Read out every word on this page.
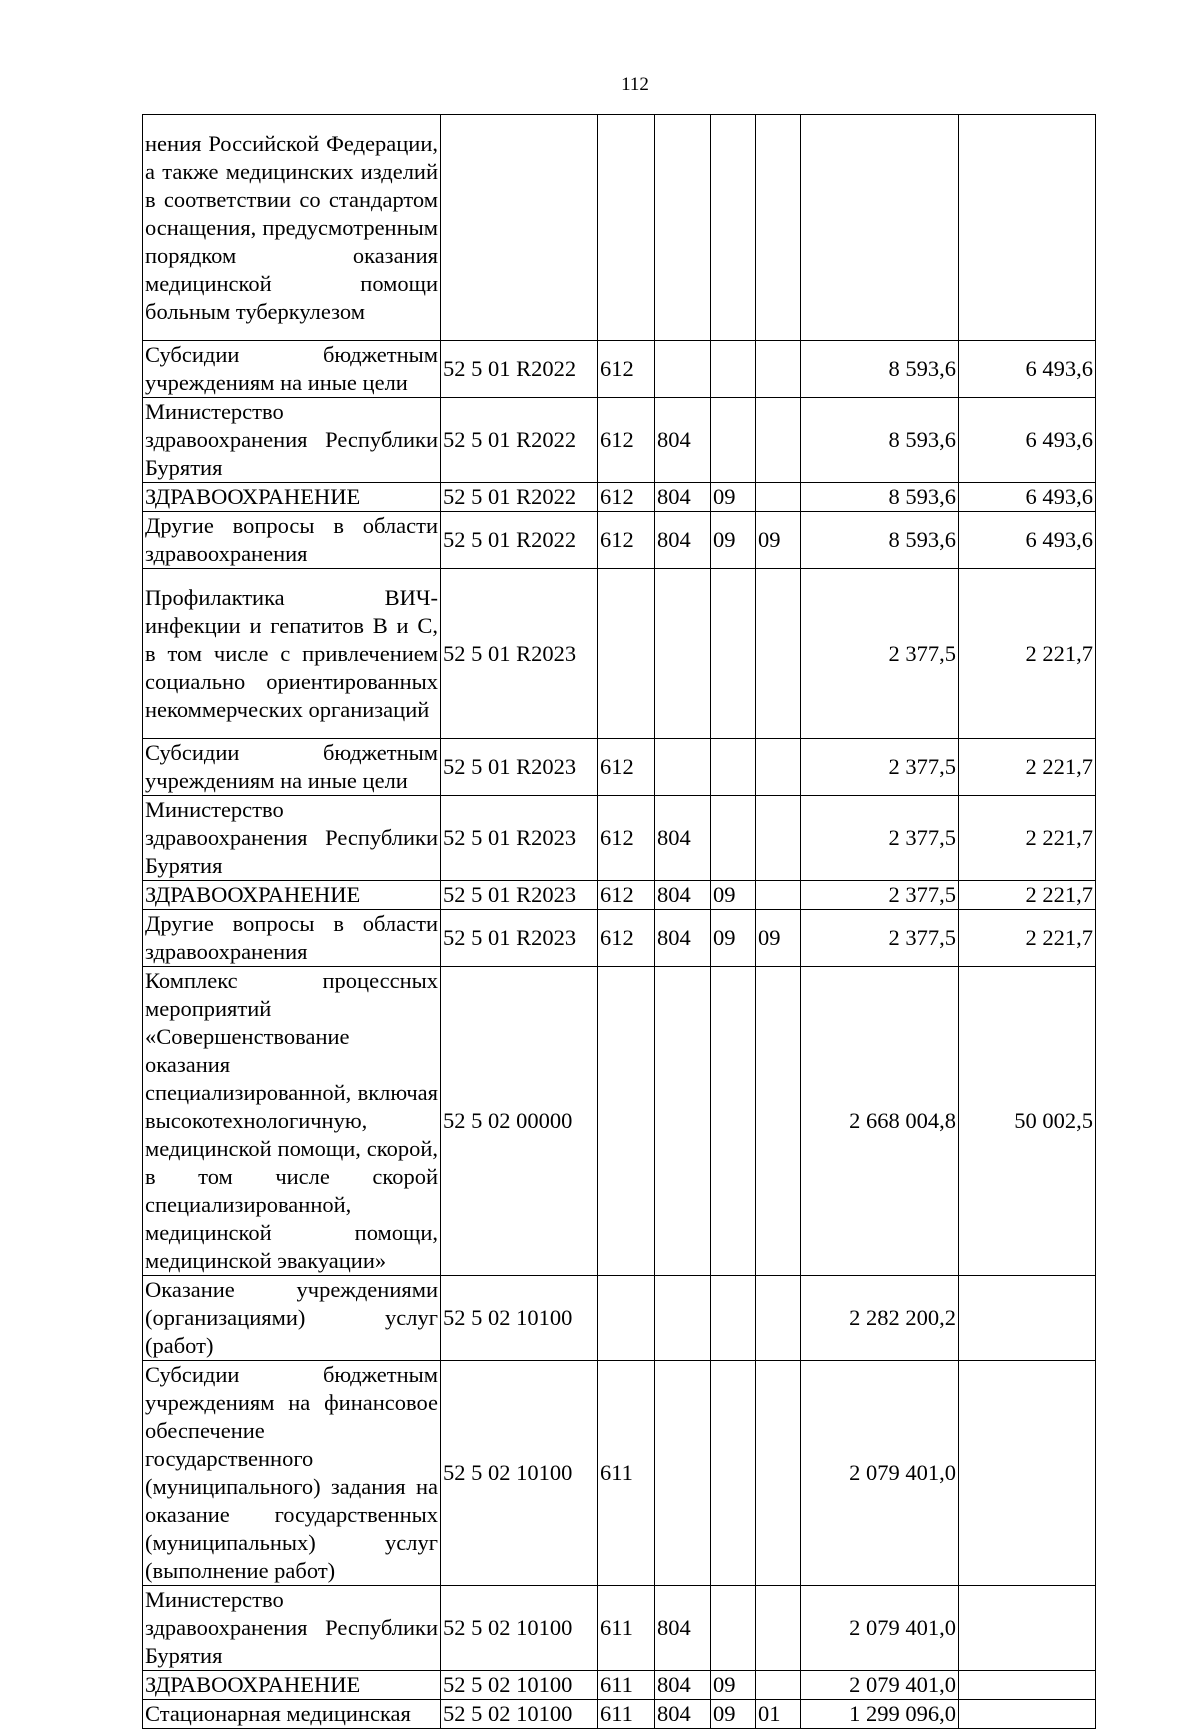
112
нения Российской Федерации, а также медицинских изделий в соответствии со стандартом оснащения, предусмотренным порядком оказания медицинской помощи больным туберкулезом							
Субсидии бюджетным учреждениям на иные цели	52 5 01 R2022	612				8 593,6	6 493,6
Министерство здравоохранения Республики Бурятия	52 5 01 R2022	612	804			8 593,6	6 493,6
ЗДРАВООХРАНЕНИЕ	52 5 01 R2022	612	804	09		8 593,6	6 493,6
Другие вопросы в области здравоохранения	52 5 01 R2022	612	804	09	09	8 593,6	6 493,6
Профилактика ВИЧ-инфекции и гепатитов В и С, в том числе с привлечением социально ориентированных некоммерческих организаций	52 5 01 R2023					2 377,5	2 221,7
Субсидии бюджетным учреждениям на иные цели	52 5 01 R2023	612				2 377,5	2 221,7
Министерство здравоохранения Республики Бурятия	52 5 01 R2023	612	804			2 377,5	2 221,7
ЗДРАВООХРАНЕНИЕ	52 5 01 R2023	612	804	09		2 377,5	2 221,7
Другие вопросы в области здравоохранения	52 5 01 R2023	612	804	09	09	2 377,5	2 221,7
Комплекс процессных мероприятий «Совершенствование оказания специализированной, включая высокотехнологичную, медицинской помощи, скорой, в том числе скорой специализированной, медицинской помощи, медицинской эвакуации»	52 5 02 00000					2 668 004,8	50 002,5
Оказание учреждениями (организациями) услуг (работ)	52 5 02 10100					2 282 200,2	
Субсидии бюджетным учреждениям на финансовое обеспечение государственного (муниципального) задания на оказание государственных (муниципальных) услуг (выполнение работ)	52 5 02 10100	611				2 079 401,0	
Министерство здравоохранения Республики Бурятия	52 5 02 10100	611	804			2 079 401,0	
ЗДРАВООХРАНЕНИЕ	52 5 02 10100	611	804	09		2 079 401,0	
Стационарная медицинская	52 5 02 10100	611	804	09	01	1 299 096,0	
